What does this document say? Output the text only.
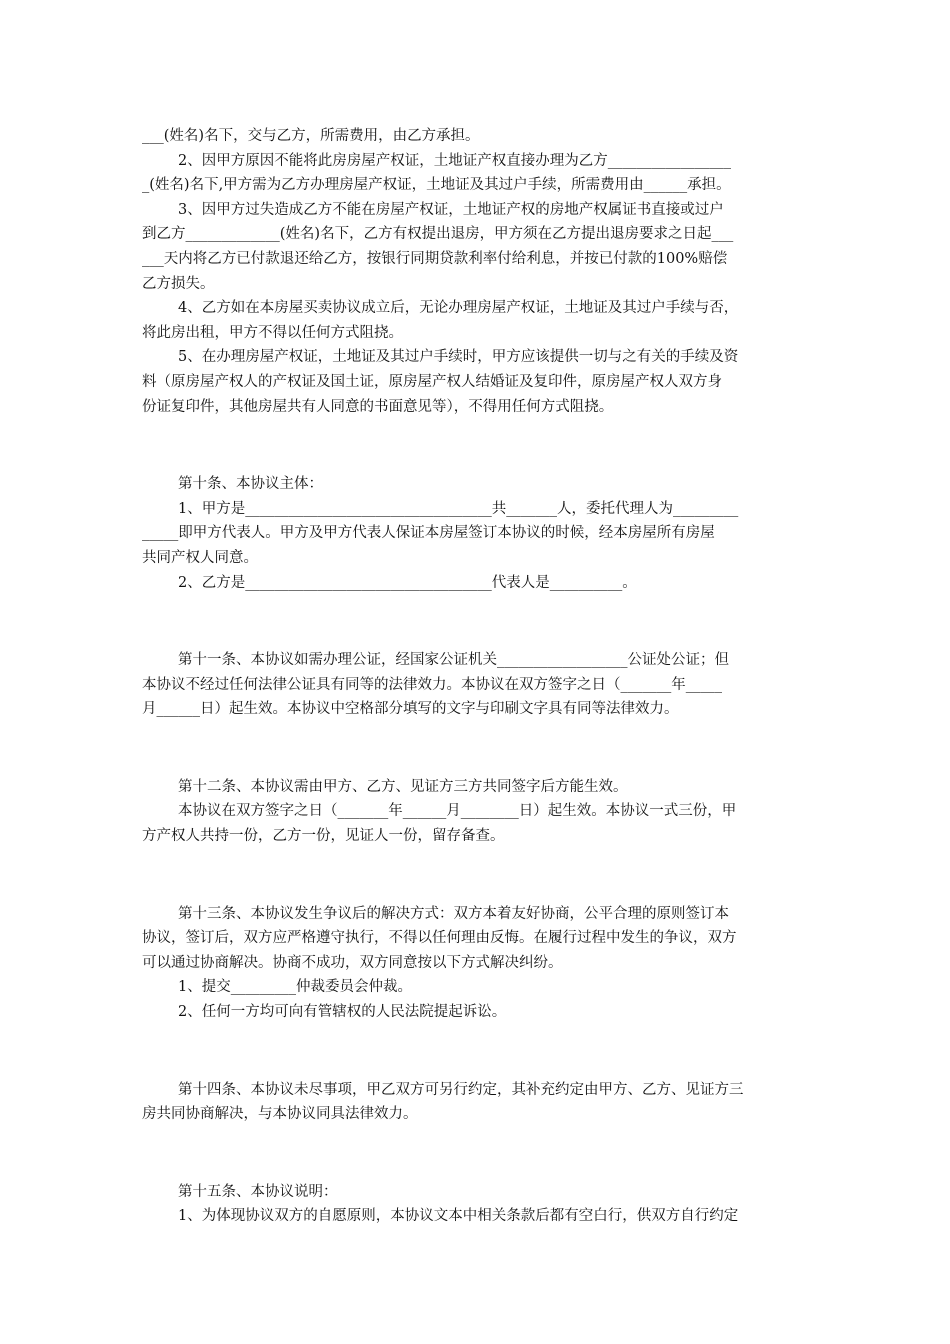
___(姓名)名下，交与乙方，所需费用，由乙方承担。
2、因甲方原因不能将此房房屋产权证，土地证产权直接办理为乙方_________________
_(姓名)名下,甲方需为乙方办理房屋产权证，土地证及其过户手续，所需费用由______承担。
3、因甲方过失造成乙方不能在房屋产权证，土地证产权的房地产权属证书直接或过户
到乙方_____________(姓名)名下，乙方有权提出退房，甲方须在乙方提出退房要求之日起___
___天内将乙方已付款退还给乙方，按银行同期贷款利率付给利息，并按已付款的100%赔偿
乙方损失。
4、乙方如在本房屋买卖协议成立后，无论办理房屋产权证，土地证及其过户手续与否，
将此房出租，甲方不得以任何方式阻挠。
5、在办理房屋产权证，土地证及其过户手续时，甲方应该提供一切与之有关的手续及资
料（原房屋产权人的产权证及国土证，原房屋产权人结婚证及复印件，原房屋产权人双方身
份证复印件，其他房屋共有人同意的书面意见等），不得用任何方式阻挠。
第十条、本协议主体：
1、甲方是__________________________________共_______人，委托代理人为_________
_____即甲方代表人。甲方及甲方代表人保证本房屋签订本协议的时候，经本房屋所有房屋
共同产权人同意。
2、乙方是__________________________________代表人是__________。
第十一条、本协议如需办理公证，经国家公证机关__________________公证处公证；但
本协议不经过任何法律公证具有同等的法律效力。本协议在双方签字之日（_______年_____
月______日）起生效。本协议中空格部分填写的文字与印刷文字具有同等法律效力。
第十二条、本协议需由甲方、乙方、见证方三方共同签字后方能生效。
本协议在双方签字之日（_______年______月________日）起生效。本协议一式三份，甲
方产权人共持一份，乙方一份，见证人一份，留存备查。
第十三条、本协议发生争议后的解决方式：双方本着友好协商，公平合理的原则签订本
协议，签订后，双方应严格遵守执行，不得以任何理由反悔。在履行过程中发生的争议，双方
可以通过协商解决。协商不成功，双方同意按以下方式解决纠纷。
1、提交_________仲裁委员会仲裁。
2、任何一方均可向有管辖权的人民法院提起诉讼。
第十四条、本协议未尽事项，甲乙双方可另行约定，其补充约定由甲方、乙方、见证方三
房共同协商解决，与本协议同具法律效力。
第十五条、本协议说明：
1、为体现协议双方的自愿原则，本协议文本中相关条款后都有空白行，供双方自行约定
